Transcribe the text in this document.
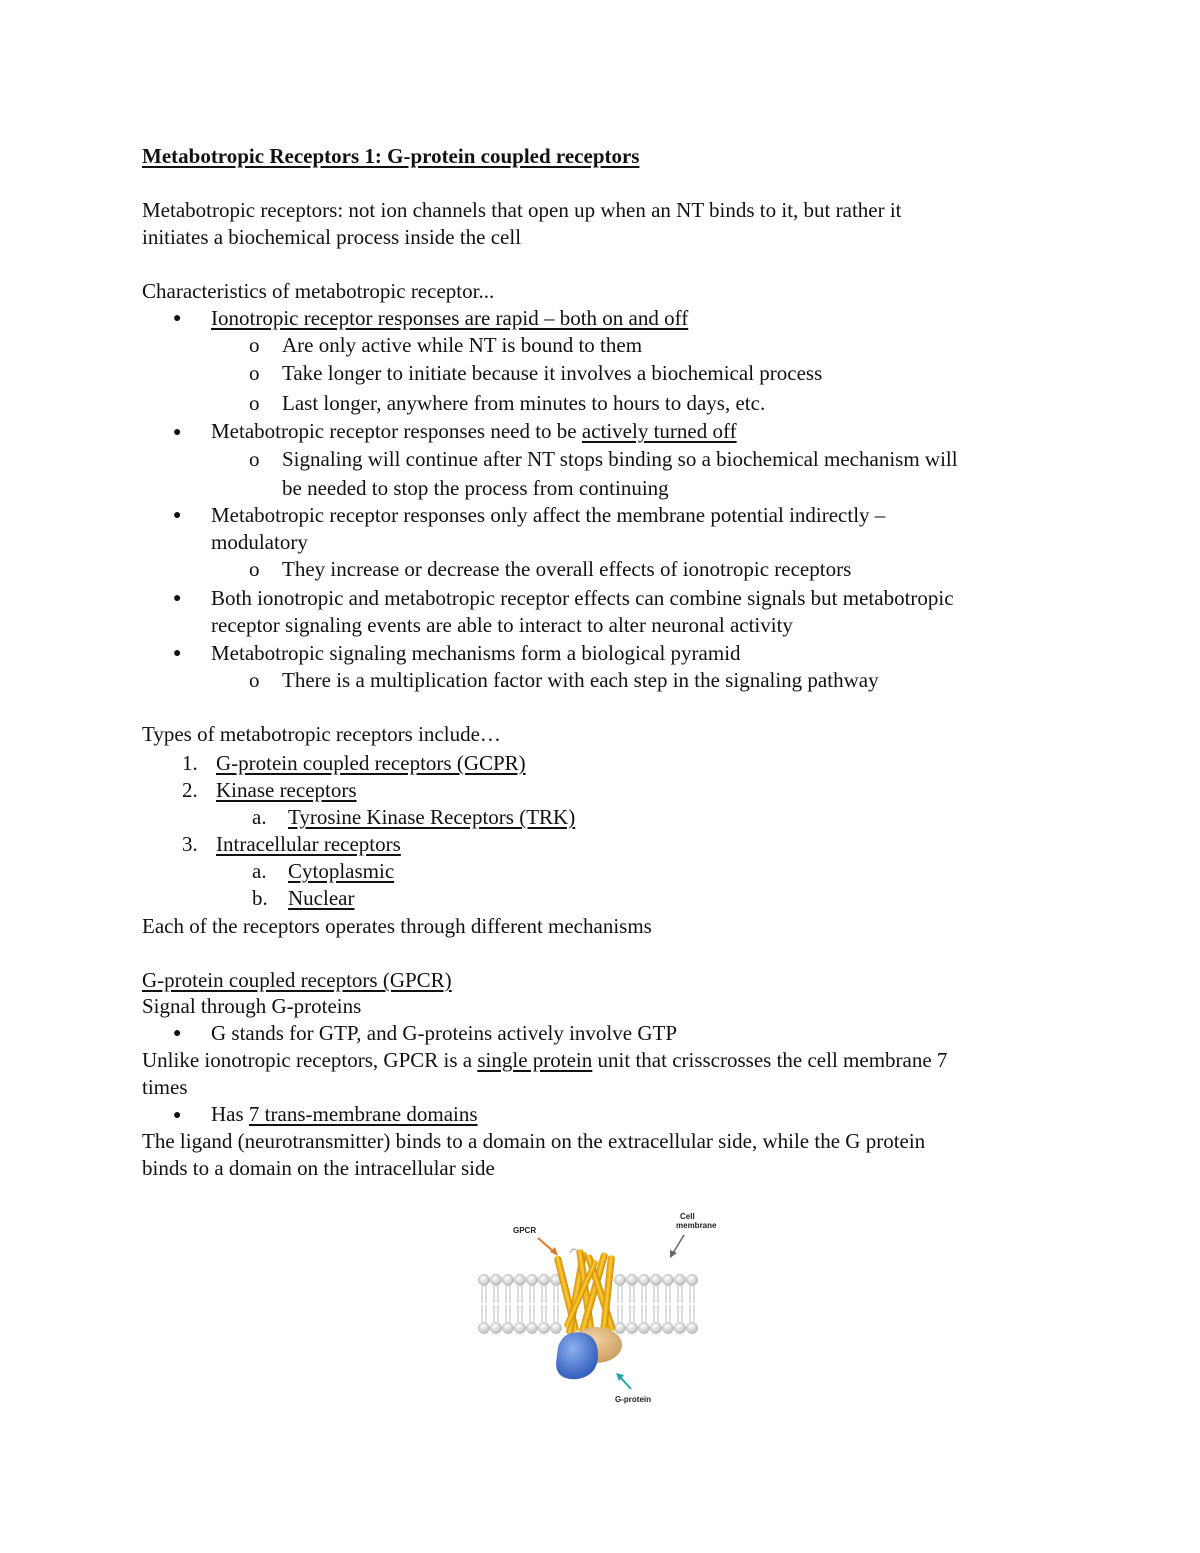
Metabotropic Receptors 1: G-protein coupled receptors
Metabotropic receptors: not ion channels that open up when an NT binds to it, but rather it
initiates a biochemical process inside the cell
Characteristics of metabotropic receptor...
● Ionotropic receptor responses are rapid – both on and off
o Are only active while NT is bound to them
o Take longer to initiate because it involves a biochemical process
o Last longer, anywhere from minutes to hours to days, etc.
● Metabotropic receptor responses need to be actively turned off
o Signaling will continue after NT stops binding so a biochemical mechanism will
be needed to stop the process from continuing
● Metabotropic receptor responses only affect the membrane potential indirectly –
modulatory
o They increase or decrease the overall effects of ionotropic receptors
● Both ionotropic and metabotropic receptor effects can combine signals but metabotropic
receptor signaling events are able to interact to alter neuronal activity
● Metabotropic signaling mechanisms form a biological pyramid
o There is a multiplication factor with each step in the signaling pathway
Types of metabotropic receptors include…
1. G-protein coupled receptors (GCPR)
2. Kinase receptors
a. Tyrosine Kinase Receptors (TRK)
3. Intracellular receptors
a. Cytoplasmic
b. Nuclear
Each of the receptors operates through different mechanisms
G-protein coupled receptors (GPCR)
Signal through G-proteins
● G stands for GTP, and G-proteins actively involve GTP
Unlike ionotropic receptors, GPCR is a single protein unit that crisscrosses the cell membrane 7
times
● Has 7 trans-membrane domains
The ligand (neurotransmitter) binds to a domain on the extracellular side, while the G protein
binds to a domain on the intracellular side
GPCR
Cell
membrane
G-protein
